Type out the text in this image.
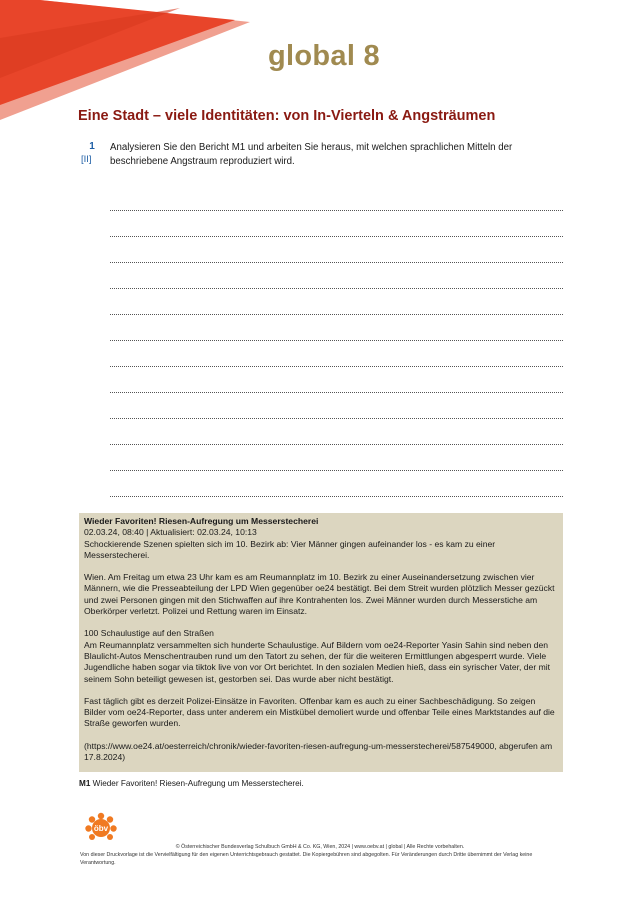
global 8
Eine Stadt – viele Identitäten: von In-Vierteln & Angsträumen
1
[II]
Analysieren Sie den Bericht M1 und arbeiten Sie heraus, mit welchen sprachlichen Mitteln der beschriebene Angstraum reproduziert wird.

Wieder Favoriten! Riesen-Aufregung um Messerstecherei

02.03.24, 08:40 | Aktualisiert: 02.03.24, 10:13

Schockierende Szenen spielten sich im 10. Bezirk ab: Vier Männer gingen aufeinander los - es kam zu einer Messerstecherei.

Wien. Am Freitag um etwa 23 Uhr kam es am Reumannplatz im 10. Bezirk zu einer Auseinandersetzung zwischen vier Männern, wie die Presseabteilung der LPD Wien gegenüber oe24 bestätigt. Bei dem Streit wurden plötzlich Messer gezückt und zwei Personen gingen mit den Stichwaffen auf ihre Kontrahenten los. Zwei Männer wurden durch Messerstiche am Oberkörper verletzt. Polizei und Rettung waren im Einsatz.

100 Schaulustige auf den Straßen

Am Reumannplatz versammelten sich hunderte Schaulustige. Auf Bildern vom oe24-Reporter Yasin Sahin sind neben den Blaulicht-Autos Menschentrauben rund um den Tatort zu sehen, der für die weiteren Ermittlungen abgesperrt wurde. Viele Jugendliche haben sogar via tiktok live von vor Ort berichtet. In den sozialen Medien hieß, dass ein syrischer Vater, der mit seinem Sohn beteiligt gewesen ist, gestorben sei. Das wurde aber nicht bestätigt.

Fast täglich gibt es derzeit Polizei-Einsätze in Favoriten. Offenbar kam es auch zu einer Sachbeschädigung. So zeigen Bilder vom oe24-Reporter, dass unter anderem ein Mistkübel demoliert wurde und offenbar Teile eines Marktstandes auf die Straße geworfen wurden.

(https://www.oe24.at/oesterreich/chronik/wieder-favoriten-riesen-aufregung-um-messerstecherei/587549000, abgerufen am 17.8.2024)

M1 Wieder Favoriten! Riesen-Aufregung um Messerstecherei.
öbv
© Österreichischer Bundesverlag Schulbuch GmbH & Co. KG, Wien, 2024 | www.oebv.at | global | Alle Rechte vorbehalten.
Von dieser Druckvorlage ist die Vervielfältigung für den eigenen Unterrichtsgebrauch gestattet. Die Kopiergebühren sind abgegolten. Für Veränderungen durch Dritte übernimmt der Verlag keine Verantwortung.
